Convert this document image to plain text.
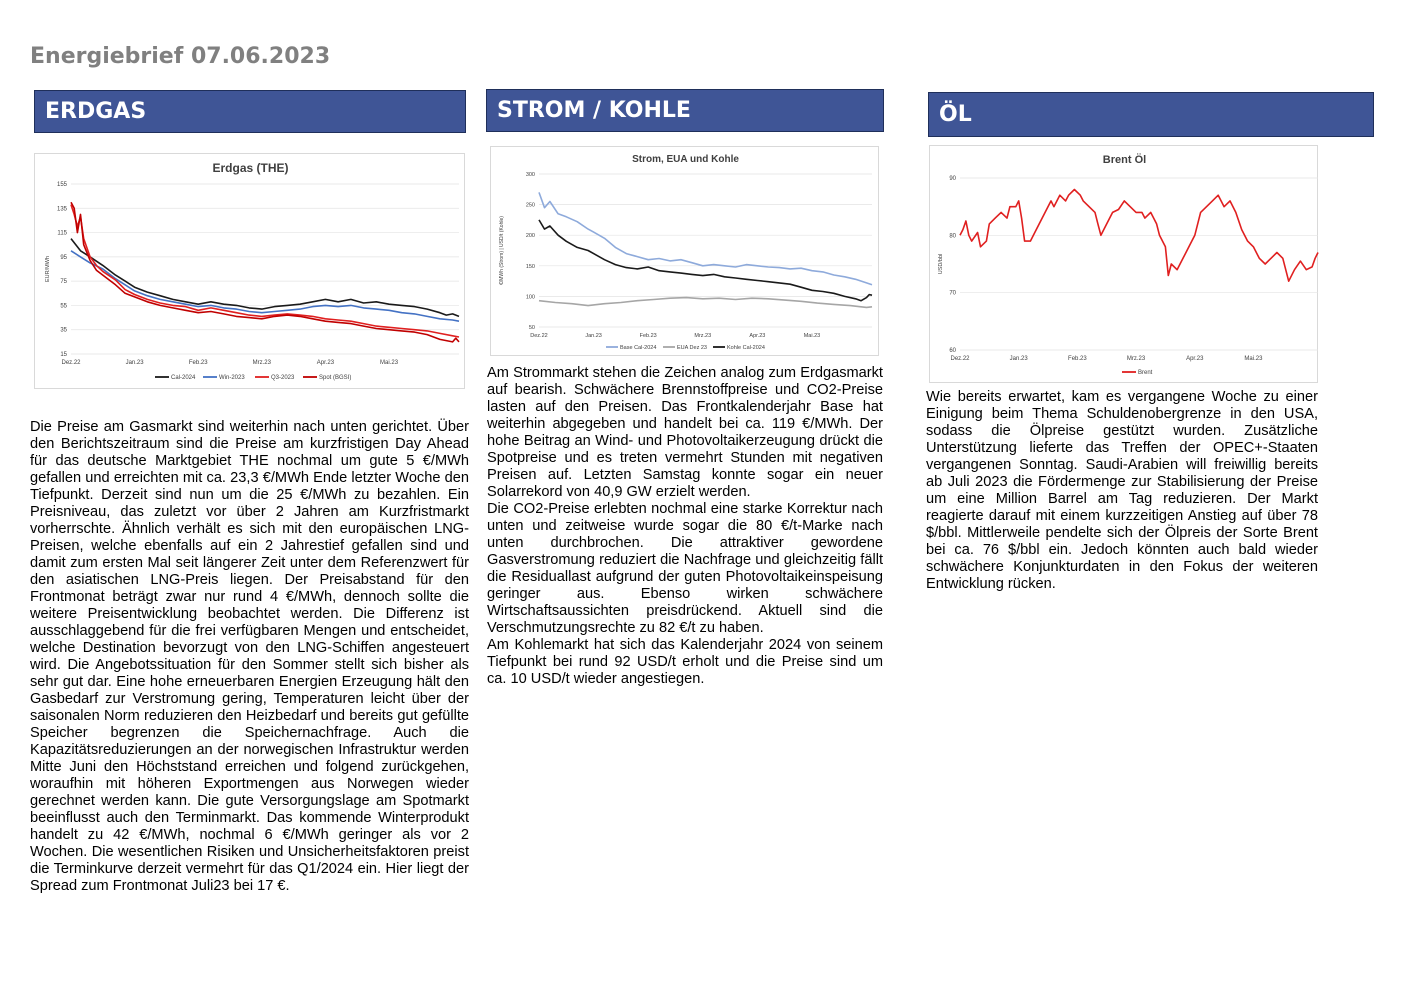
Energiebrief 07.06.2023
ERDGAS	STROM / KOHLE	ÖL
Erdgas (THE)
155
135
115
95
75
55
35
15
Dez.22	Jan.23	Feb.23	Mrz.23	Apr.23	Mai.23
EUR/MWh
Cal-2024	Win-2023	Q3-2023	Spot (BGSI)
Strom, EUA und Kohle
300
250
200
150
100
50
Dez.22	Jan.23	Feb.23	Mrz.23	Apr.23	Mai.23
€/MWh (Strom) | USD/t (Kohle)
Base Cal-2024	EUA Dez 23	Kohle Cal-2024
Brent Öl
90
80
70
60
Dez.22	Jan.23	Feb.23	Mrz.23	Apr.23	Mai.23
USD/bbl
Brent

Die Preise am Gasmarkt sind weiterhin nach unten gerichtet. Über den Berichtszeitraum sind die Preise am kurzfristigen Day Ahead für das deutsche Marktgebiet THE nochmal um gute 5 €/MWh gefallen und erreichten mit ca. 23,3 €/MWh Ende letzter Woche den Tiefpunkt. Derzeit sind nun um die 25 €/MWh zu bezahlen. Ein Preisniveau, das zuletzt vor über 2 Jahren am Kurzfristmarkt vorherrschte. Ähnlich verhält es sich mit den europäischen LNG-Preisen, welche ebenfalls auf ein 2 Jahrestief gefallen sind und damit zum ersten Mal seit längerer Zeit unter dem Referenzwert für den asiatischen LNG-Preis liegen. Der Preisabstand für den Frontmonat beträgt zwar nur rund 4 €/MWh, dennoch sollte die weitere Preisentwicklung beobachtet werden. Die Differenz ist ausschlaggebend für die frei verfügbaren Mengen und entscheidet, welche Destination bevorzugt von den LNG-Schiffen angesteuert wird. Die Angebotssituation für den Sommer stellt sich bisher als sehr gut dar. Eine hohe erneuerbaren Energien Erzeugung hält den Gasbedarf zur Verstromung gering, Temperaturen leicht über der saisonalen Norm reduzieren den Heizbedarf und bereits gut gefüllte Speicher begrenzen die Speichernachfrage. Auch die Kapazitätsreduzierungen an der norwegischen Infrastruktur werden Mitte Juni den Höchststand erreichen und folgend zurückgehen, woraufhin mit höheren Exportmengen aus Norwegen wieder gerechnet werden kann. Die gute Versorgungslage am Spotmarkt beeinflusst auch den Terminmarkt. Das kommende Winterprodukt handelt zu 42 €/MWh, nochmal 6 €/MWh geringer als vor 2 Wochen. Die wesentlichen Risiken und Unsicherheitsfaktoren preist die Terminkurve derzeit vermehrt für das Q1/2024 ein. Hier liegt der Spread zum Frontmonat Juli23 bei 17 €.

Am Strommarkt stehen die Zeichen analog zum Erdgasmarkt auf bearish. Schwächere Brennstoffpreise und CO2-Preise lasten auf den Preisen. Das Frontkalenderjahr Base hat weiterhin abgegeben und handelt bei ca. 119 €/MWh. Der hohe Beitrag an Wind- und Photovoltaikerzeugung drückt die Spotpreise und es treten vermehrt Stunden mit negativen Preisen auf. Letzten Samstag konnte sogar ein neuer Solarrekord von 40,9 GW erzielt werden.

Die CO2-Preise erlebten nochmal eine starke Korrektur nach unten und zeitweise wurde sogar die 80 €/t-Marke nach unten durchbrochen. Die attraktiver gewordene Gasverstromung reduziert die Nachfrage und gleichzeitig fällt die Residuallast aufgrund der guten Photovoltaikeinspeisung geringer aus. Ebenso wirken schwächere Wirtschaftsaussichten preisdrückend. Aktuell sind die Verschmutzungsrechte zu 82 €/t zu haben.

Am Kohlemarkt hat sich das Kalenderjahr 2024 von seinem Tiefpunkt bei rund 92 USD/t erholt und die Preise sind um ca. 10 USD/t wieder angestiegen.

Wie bereits erwartet, kam es vergangene Woche zu einer Einigung beim Thema Schuldenobergrenze in den USA, sodass die Ölpreise gestützt wurden. Zusätzliche Unterstützung lieferte das Treffen der OPEC+-Staaten vergangenen Sonntag. Saudi-Arabien will freiwillig bereits ab Juli 2023 die Fördermenge zur Stabilisierung der Preise um eine Million Barrel am Tag reduzieren. Der Markt reagierte darauf mit einem kurzzeitigen Anstieg auf über 78 $/bbl. Mittlerweile pendelte sich der Ölpreis der Sorte Brent bei ca. 76 $/bbl ein. Jedoch könnten auch bald wieder schwächere Konjunkturdaten in den Fokus der weiteren Entwicklung rücken.
